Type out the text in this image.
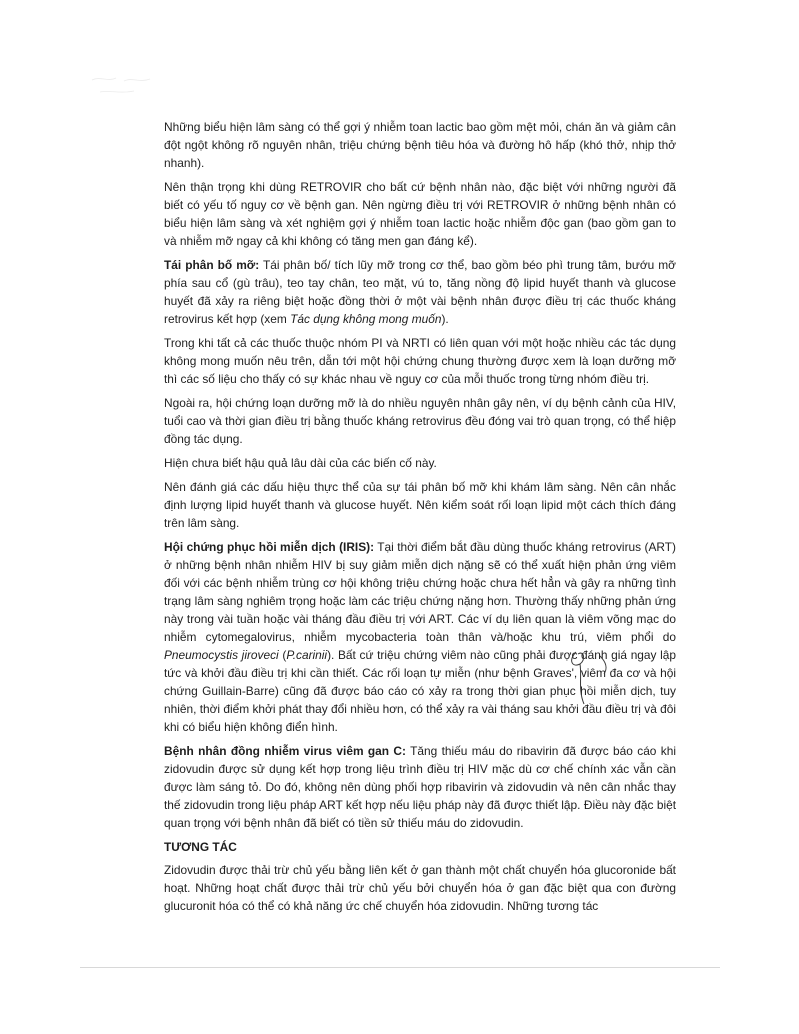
Những biểu hiện lâm sàng có thể gợi ý nhiễm toan lactic bao gồm mệt mỏi, chán ăn và giảm cân đột ngột không rõ nguyên nhân, triệu chứng bệnh tiêu hóa và đường hô hấp (khó thở, nhịp thở nhanh).

Nên thận trọng khi dùng RETROVIR cho bất cứ bệnh nhân nào, đặc biệt với những người đã biết có yếu tố nguy cơ về bệnh gan. Nên ngừng điều trị với RETROVIR ở những bệnh nhân có biểu hiện lâm sàng và xét nghiệm gợi ý nhiễm toan lactic hoặc nhiễm độc gan (bao gồm gan to và nhiễm mỡ ngay cả khi không có tăng men gan đáng kể).

Tái phân bố mỡ: Tái phân bố/ tích lũy mỡ trong cơ thể, bao gồm béo phì trung tâm, bướu mỡ phía sau cổ (gù trâu), teo tay chân, teo mặt, vú to, tăng nồng độ lipid huyết thanh và glucose huyết đã xảy ra riêng biệt hoặc đồng thời ở một vài bệnh nhân được điều trị các thuốc kháng retrovirus kết hợp (xem Tác dụng không mong muốn).

Trong khi tất cả các thuốc thuộc nhóm PI và NRTI có liên quan với một hoặc nhiều các tác dụng không mong muốn nêu trên, dẫn tới một hội chứng chung thường được xem là loạn dưỡng mỡ thì các số liệu cho thấy có sự khác nhau về nguy cơ của mỗi thuốc trong từng nhóm điều trị.

Ngoài ra, hội chứng loạn dưỡng mỡ là do nhiều nguyên nhân gây nên, ví dụ bệnh cảnh của HIV, tuổi cao và thời gian điều trị bằng thuốc kháng retrovirus đều đóng vai trò quan trọng, có thể hiệp đồng tác dụng.

Hiện chưa biết hậu quả lâu dài của các biến cố này.

Nên đánh giá các dấu hiệu thực thể của sự tái phân bố mỡ khi khám lâm sàng. Nên cân nhắc định lượng lipid huyết thanh và glucose huyết. Nên kiểm soát rối loạn lipid một cách thích đáng trên lâm sàng.

Hội chứng phục hồi miễn dịch (IRIS): Tại thời điểm bắt đầu dùng thuốc kháng retrovirus (ART) ở những bệnh nhân nhiễm HIV bị suy giảm miễn dịch nặng sẽ có thể xuất hiện phản ứng viêm đối với các bệnh nhiễm trùng cơ hội không triệu chứng hoặc chưa hết hẳn và gây ra những tình trạng lâm sàng nghiêm trọng hoặc làm các triệu chứng nặng hơn. Thường thấy những phản ứng này trong vài tuần hoặc vài tháng đầu điều trị với ART. Các ví dụ liên quan là viêm võng mạc do nhiễm cytomegalovirus, nhiễm mycobacteria toàn thân và/hoặc khu trú, viêm phổi do Pneumocystis jiroveci (P.carinii). Bất cứ triệu chứng viêm nào cũng phải được đánh giá ngay lập tức và khởi đầu điều trị khi cần thiết. Các rối loạn tự miễn (như bệnh Graves', viêm đa cơ và hội chứng Guillain-Barre) cũng đã được báo cáo có xảy ra trong thời gian phục hồi miễn dịch, tuy nhiên, thời điểm khởi phát thay đổi nhiều hơn, có thể xảy ra vài tháng sau khởi đầu điều trị và đôi khi có biểu hiện không điển hình.

Bệnh nhân đồng nhiễm virus viêm gan C: Tăng thiếu máu do ribavirin đã được báo cáo khi zidovudin được sử dụng kết hợp trong liệu trình điều trị HIV mặc dù cơ chế chính xác vẫn cần được làm sáng tỏ. Do đó, không nên dùng phối hợp ribavirin và zidovudin và nên cân nhắc thay thế zidovudin trong liệu pháp ART kết hợp nếu liệu pháp này đã được thiết lập. Điều này đặc biệt quan trọng với bệnh nhân đã biết có tiền sử thiếu máu do zidovudin.

TƯƠNG TÁC

Zidovudin được thải trừ chủ yếu bằng liên kết ở gan thành một chất chuyển hóa glucoronide bất hoạt. Những hoạt chất được thải trừ chủ yếu bởi chuyển hóa ở gan đặc biệt qua con đường glucuronit hóa có thể có khả năng ức chế chuyển hóa zidovudin. Những tương tác
